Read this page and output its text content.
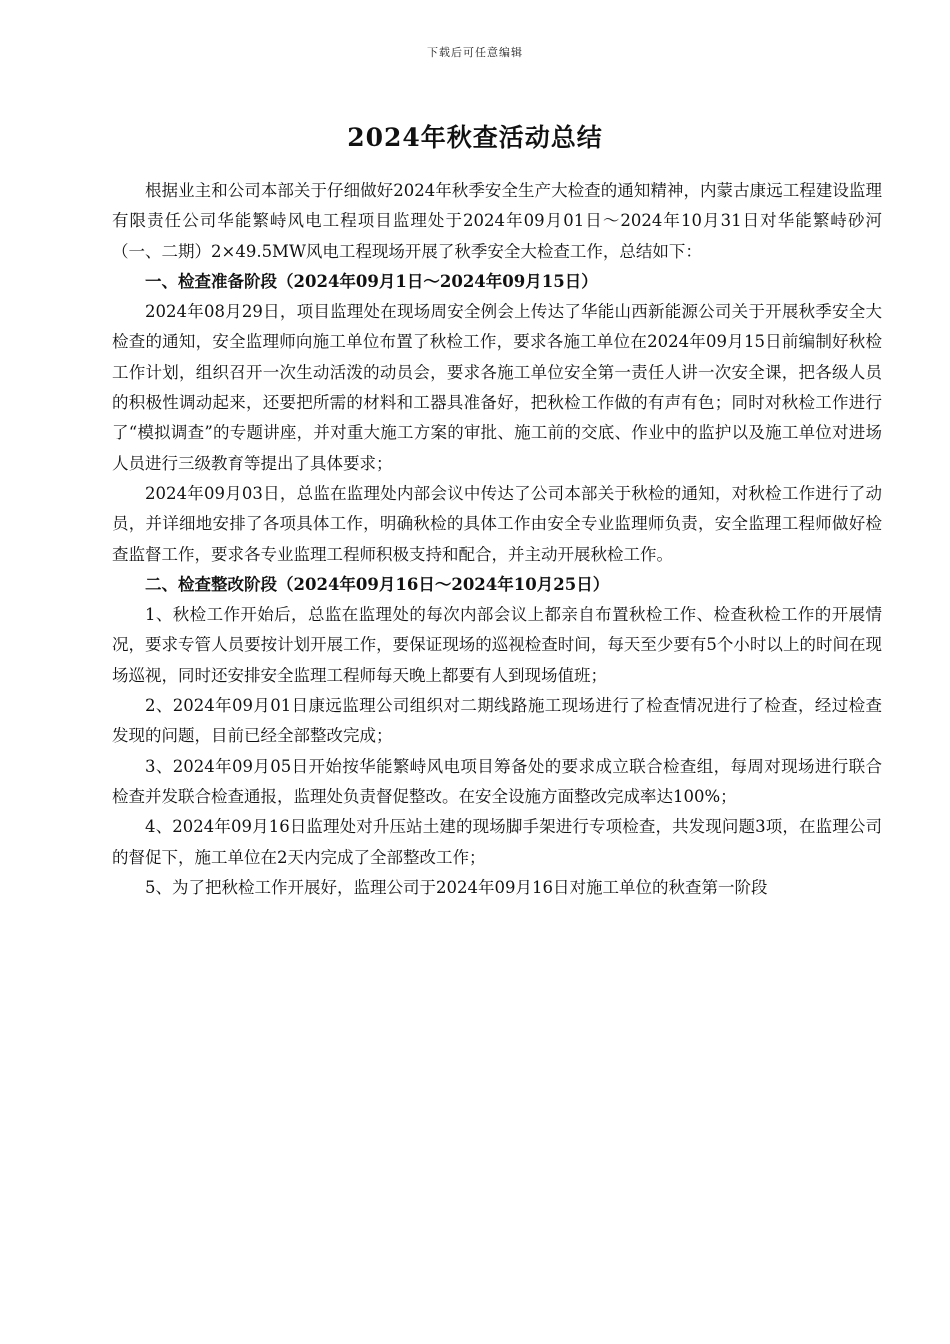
下载后可任意编辑
2024年秋查活动总结

根据业主和公司本部关于仔细做好2024年秋季安全生产大检查的通知精神，内蒙古康远工程建设监理有限责任公司华能繁峙风电工程项目监理处于2024年09月01日～2024年10月31日对华能繁峙砂河（一、二期）2×49.5MW风电工程现场开展了秋季安全大检查工作，总结如下：

一、检查准备阶段（2024年09月1日～2024年09月15日）

2024年08月29日，项目监理处在现场周安全例会上传达了华能山西新能源公司关于开展秋季安全大检查的通知，安全监理师向施工单位布置了秋检工作，要求各施工单位在2024年09月15日前编制好秋检工作计划，组织召开一次生动活泼的动员会，要求各施工单位安全第一责任人讲一次安全课，把各级人员的积极性调动起来，还要把所需的材料和工器具准备好，把秋检工作做的有声有色；同时对秋检工作进行了“模拟调查”的专题讲座，并对重大施工方案的审批、施工前的交底、作业中的监护以及施工单位对进场人员进行三级教育等提出了具体要求；

2024年09月03日，总监在监理处内部会议中传达了公司本部关于秋检的通知，对秋检工作进行了动员，并详细地安排了各项具体工作，明确秋检的具体工作由安全专业监理师负责，安全监理工程师做好检查监督工作，要求各专业监理工程师积极支持和配合，并主动开展秋检工作。

二、检查整改阶段（2024年09月16日～2024年10月25日）

1、秋检工作开始后，总监在监理处的每次内部会议上都亲自布置秋检工作、检查秋检工作的开展情况，要求专管人员要按计划开展工作，要保证现场的巡视检查时间，每天至少要有5个小时以上的时间在现场巡视，同时还安排安全监理工程师每天晚上都要有人到现场值班；

2、2024年09月01日康远监理公司组织对二期线路施工现场进行了检查情况进行了检查，经过检查发现的问题，目前已经全部整改完成；

3、2024年09月05日开始按华能繁峙风电项目筹备处的要求成立联合检查组，每周对现场进行联合检查并发联合检查通报，监理处负责督促整改。在安全设施方面整改完成率达100%；

4、2024年09月16日监理处对升压站土建的现场脚手架进行专项检查，共发现问题3项，在监理公司的督促下，施工单位在2天内完成了全部整改工作；

5、为了把秋检工作开展好，监理公司于2024年09月16日对施工单位的秋查第一阶段
